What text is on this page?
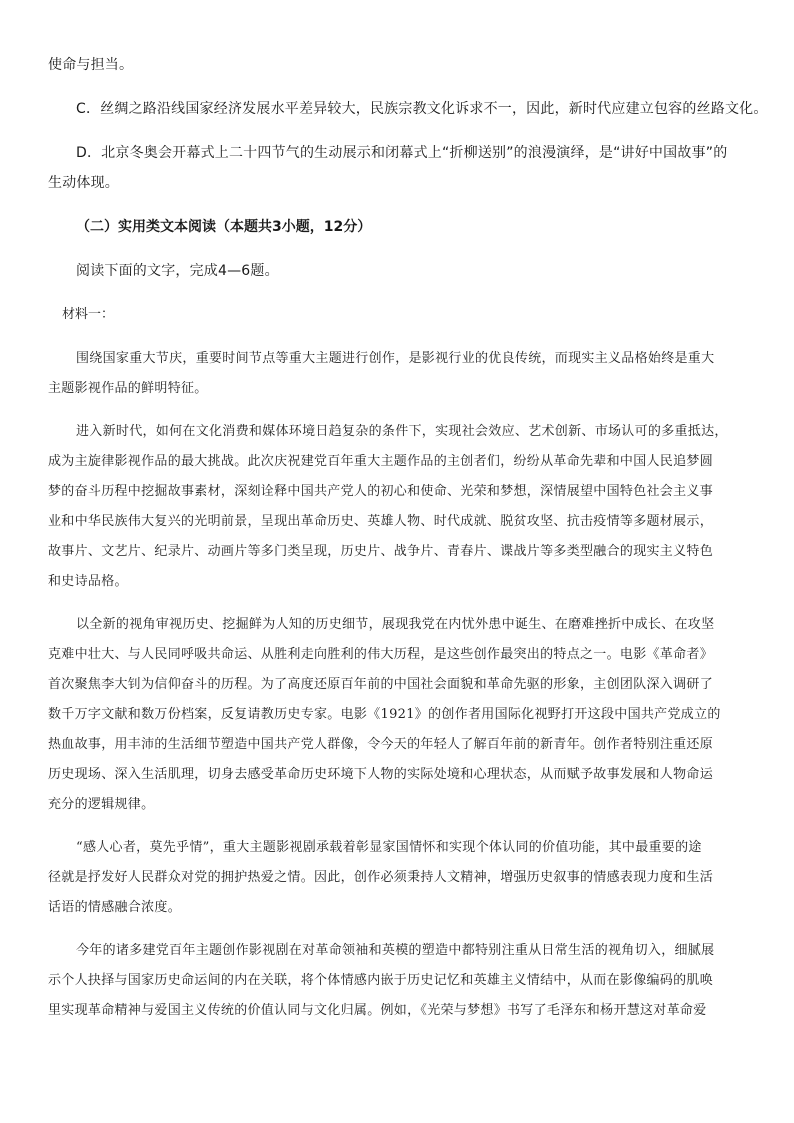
使命与担当。

C．丝绸之路沿线国家经济发展水平差异较大，民族宗教文化诉求不一，因此，新时代应建立包容的丝路文化。

D．北京冬奥会开幕式上二十四节气的生动展示和闭幕式上“折柳送别”的浪漫演绎，是“讲好中国故事”的

生动体现。

（二）实用类文本阅读（本题共3小题，12分）

阅读下面的文字，完成4—6题。

材料一：

围绕国家重大节庆，重要时间节点等重大主题进行创作，是影视行业的优良传统，而现实主义品格始终是重大

主题影视作品的鲜明特征。

进入新时代，如何在文化消费和媒体环境日趋复杂的条件下，实现社会效应、艺术创新、市场认可的多重抵达，

成为主旋律影视作品的最大挑战。此次庆祝建党百年重大主题作品的主创者们，纷纷从革命先辈和中国人民追梦圆

梦的奋斗历程中挖掘故事素材，深刻诠释中国共产党人的初心和使命、光荣和梦想，深情展望中国特色社会主义事

业和中华民族伟大复兴的光明前景，呈现出革命历史、英雄人物、时代成就、脱贫攻坚、抗击疫情等多题材展示，

故事片、文艺片、纪录片、动画片等多门类呈现，历史片、战争片、青春片、谍战片等多类型融合的现实主义特色

和史诗品格。

以全新的视角审视历史、挖掘鲜为人知的历史细节，展现我党在内忧外患中诞生、在磨难挫折中成长、在攻坚

克难中壮大、与人民同呼吸共命运、从胜利走向胜利的伟大历程，是这些创作最突出的特点之一。电影《革命者》

首次聚焦李大钊为信仰奋斗的历程。为了高度还原百年前的中国社会面貌和革命先驱的形象，主创团队深入调研了

数千万字文献和数万份档案，反复请教历史专家。电影《1921》的创作者用国际化视野打开这段中国共产党成立的

热血故事，用丰沛的生活细节塑造中国共产党人群像，令今天的年轻人了解百年前的新青年。创作者特别注重还原

历史现场、深入生活肌理，切身去感受革命历史环境下人物的实际处境和心理状态，从而赋予故事发展和人物命运

充分的逻辑规律。

“感人心者，莫先乎情”，重大主题影视剧承载着彰显家国情怀和实现个体认同的价值功能，其中最重要的途

径就是抒发好人民群众对党的拥护热爱之情。因此，创作必须秉持人文精神，增强历史叙事的情感表现力度和生活

话语的情感融合浓度。

今年的诸多建党百年主题创作影视剧在对革命领袖和英模的塑造中都特别注重从日常生活的视角切入，细腻展

示个人抉择与国家历史命运间的内在关联，将个体情感内嵌于历史记忆和英雄主义情结中，从而在影像编码的肌唤

里实现革命精神与爱国主义传统的价值认同与文化归属。例如，《光荣与梦想》书写了毛泽东和杨开慧这对革命爱
